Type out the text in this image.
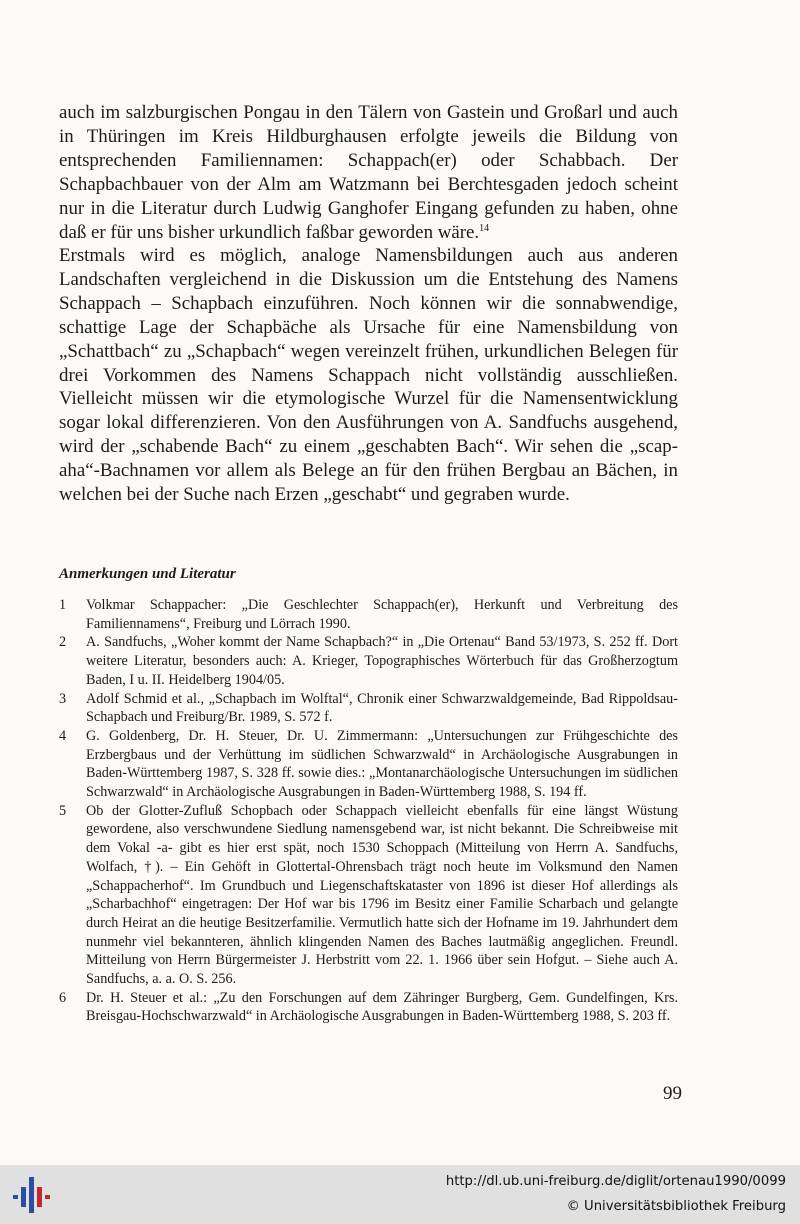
auch im salzburgischen Pongau in den Tälern von Gastein und Großarl und auch in Thüringen im Kreis Hildburghausen erfolgte jeweils die Bildung von entsprechenden Familiennamen: Schappach(er) oder Schabbach. Der Schapbachbauer von der Alm am Watzmann bei Berchtesgaden jedoch scheint nur in die Literatur durch Ludwig Ganghofer Eingang gefunden zu haben, ohne daß er für uns bisher urkundlich faßbar geworden wäre.$^{14}$

Erstmals wird es möglich, analoge Namensbildungen auch aus anderen Landschaften vergleichend in die Diskussion um die Entstehung des Namens Schappach – Schapbach einzuführen. Noch können wir die sonnabwendige, schattige Lage der Schapbäche als Ursache für eine Namensbildung von „Schattbach“ zu „Schapbach“ wegen vereinzelt frühen, urkundlichen Belegen für drei Vorkommen des Namens Schappach nicht vollständig ausschließen. Vielleicht müssen wir die etymologische Wurzel für die Namensentwicklung sogar lokal differenzieren. Von den Ausführungen von A. Sandfuchs ausgehend, wird der „schabende Bach“ zu einem „geschabten Bach“. Wir sehen die „scap-aha“-Bachnamen vor allem als Belege an für den frühen Bergbau an Bächen, in welchen bei der Suche nach Erzen „geschabt“ und gegraben wurde.

Anmerkungen und Literatur
1	Volkmar Schappacher: „Die Geschlechter Schappach(er), Herkunft und Verbreitung des Familiennamens“, Freiburg und Lörrach 1990.
2	A. Sandfuchs, „Woher kommt der Name Schapbach?“ in „Die Ortenau“ Band 53/1973, S. 252 ff. Dort weitere Literatur, besonders auch: A. Krieger, Topographisches Wörterbuch für das Großherzogtum Baden, I u. II. Heidelberg 1904/05.
3	Adolf Schmid et al., „Schapbach im Wolftal“, Chronik einer Schwarzwaldgemeinde, Bad Rippoldsau-Schapbach und Freiburg/Br. 1989, S. 572 f.
4	G. Goldenberg, Dr. H. Steuer, Dr. U. Zimmermann: „Untersuchungen zur Frühgeschichte des Erzbergbaus und der Verhüttung im südlichen Schwarzwald“ in Archäologische Ausgrabungen in Baden-Württemberg 1987, S. 328 ff. sowie dies.: „Montanarchäologische Untersuchungen im südlichen Schwarzwald“ in Archäologische Ausgrabungen in Baden-Württemberg 1988, S. 194 ff.
5	Ob der Glotter-Zufluß Schopbach oder Schappach vielleicht ebenfalls für eine längst Wüstung gewordene, also verschwundene Siedlung namensgebend war, ist nicht bekannt. Die Schreibweise mit dem Vokal -a- gibt es hier erst spät, noch 1530 Schoppach (Mitteilung von Herrn A. Sandfuchs, Wolfach, †). – Ein Gehöft in Glottertal-Ohrensbach trägt noch heute im Volksmund den Namen „Schappacherhof“. Im Grundbuch und Liegenschaftskataster von 1896 ist dieser Hof allerdings als „Scharbachhof“ eingetragen: Der Hof war bis 1796 im Besitz einer Familie Scharbach und gelangte durch Heirat an die heutige Besitzerfamilie. Vermutlich hatte sich der Hofname im 19. Jahrhundert dem nunmehr viel bekannteren, ähnlich klingenden Namen des Baches lautmäßig angeglichen. Freundl. Mitteilung von Herrn Bürgermeister J. Herbstritt vom 22. 1. 1966 über sein Hofgut. – Siehe auch A. Sandfuchs, a. a. O. S. 256.
6	Dr. H. Steuer et al.: „Zu den Forschungen auf dem Zähringer Burgberg, Gem. Gundelfingen, Krs. Breisgau-Hochschwarzwald“ in Archäologische Ausgrabungen in Baden-Württemberg 1988, S. 203 ff.
99
http://dl.ub.uni-freiburg.de/diglit/ortenau1990/0099
© Universitätsbibliothek Freiburg
